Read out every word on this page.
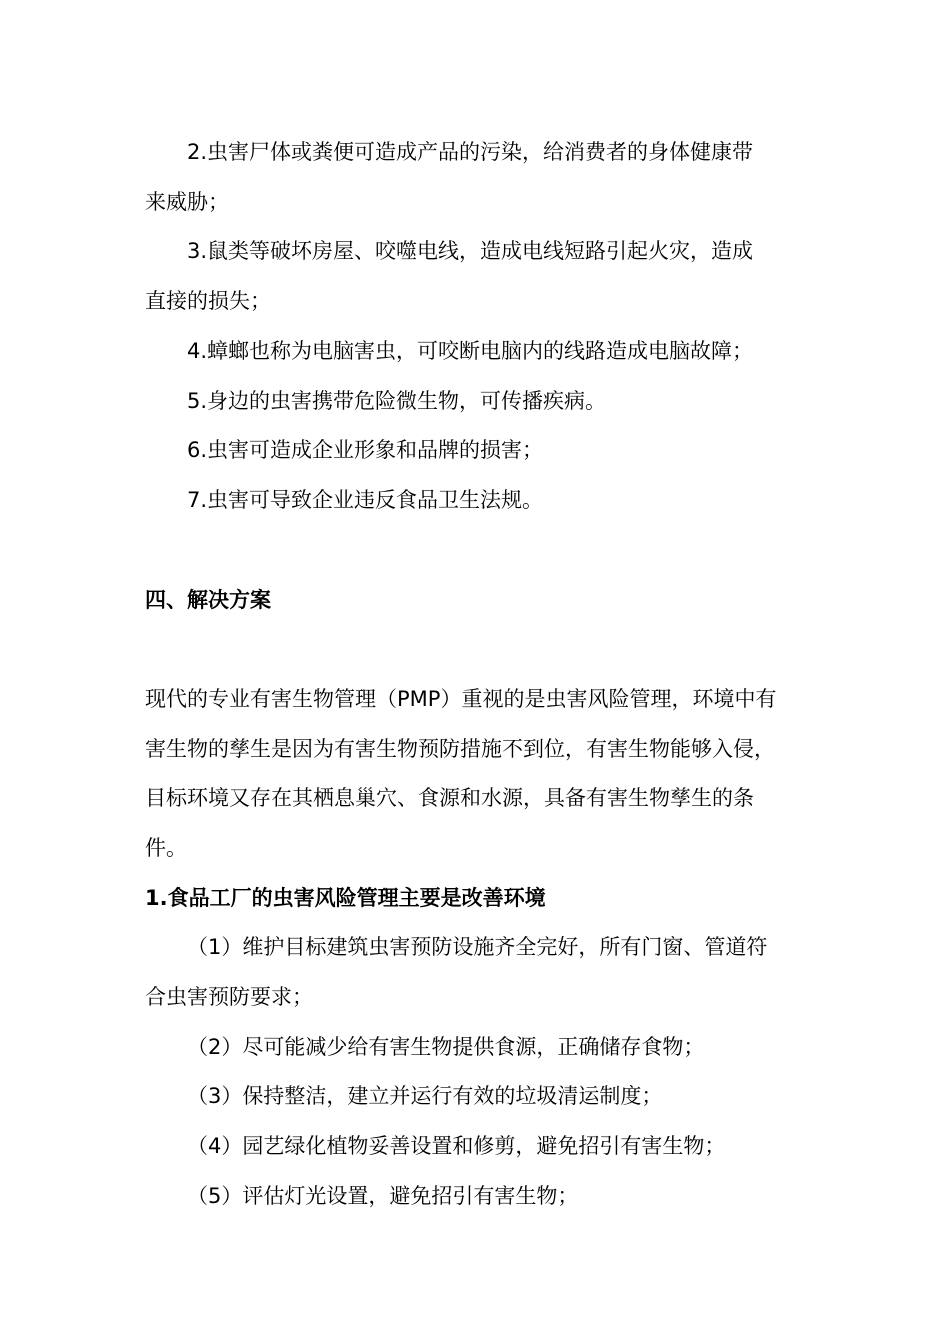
2.虫害尸体或粪便可造成产品的污染，给消费者的身体健康带
来威胁；
3.鼠类等破坏房屋、咬噬电线，造成电线短路引起火灾，造成
直接的损失；
4.蟑螂也称为电脑害虫，可咬断电脑内的线路造成电脑故障；
5.身边的虫害携带危险微生物，可传播疾病。
6.虫害可造成企业形象和品牌的损害；
7.虫害可导致企业违反食品卫生法规。
四、解决方案
现代的专业有害生物管理（PMP）重视的是虫害风险管理，环境中有
害生物的孳生是因为有害生物预防措施不到位，有害生物能够入侵，
目标环境又存在其栖息巢穴、食源和水源，具备有害生物孳生的条
件。
1.食品工厂的虫害风险管理主要是改善环境
（1）维护目标建筑虫害预防设施齐全完好，所有门窗、管道符
合虫害预防要求；
（2）尽可能减少给有害生物提供食源，正确储存食物；
（3）保持整洁，建立并运行有效的垃圾清运制度；
（4）园艺绿化植物妥善设置和修剪，避免招引有害生物；
（5）评估灯光设置，避免招引有害生物；
